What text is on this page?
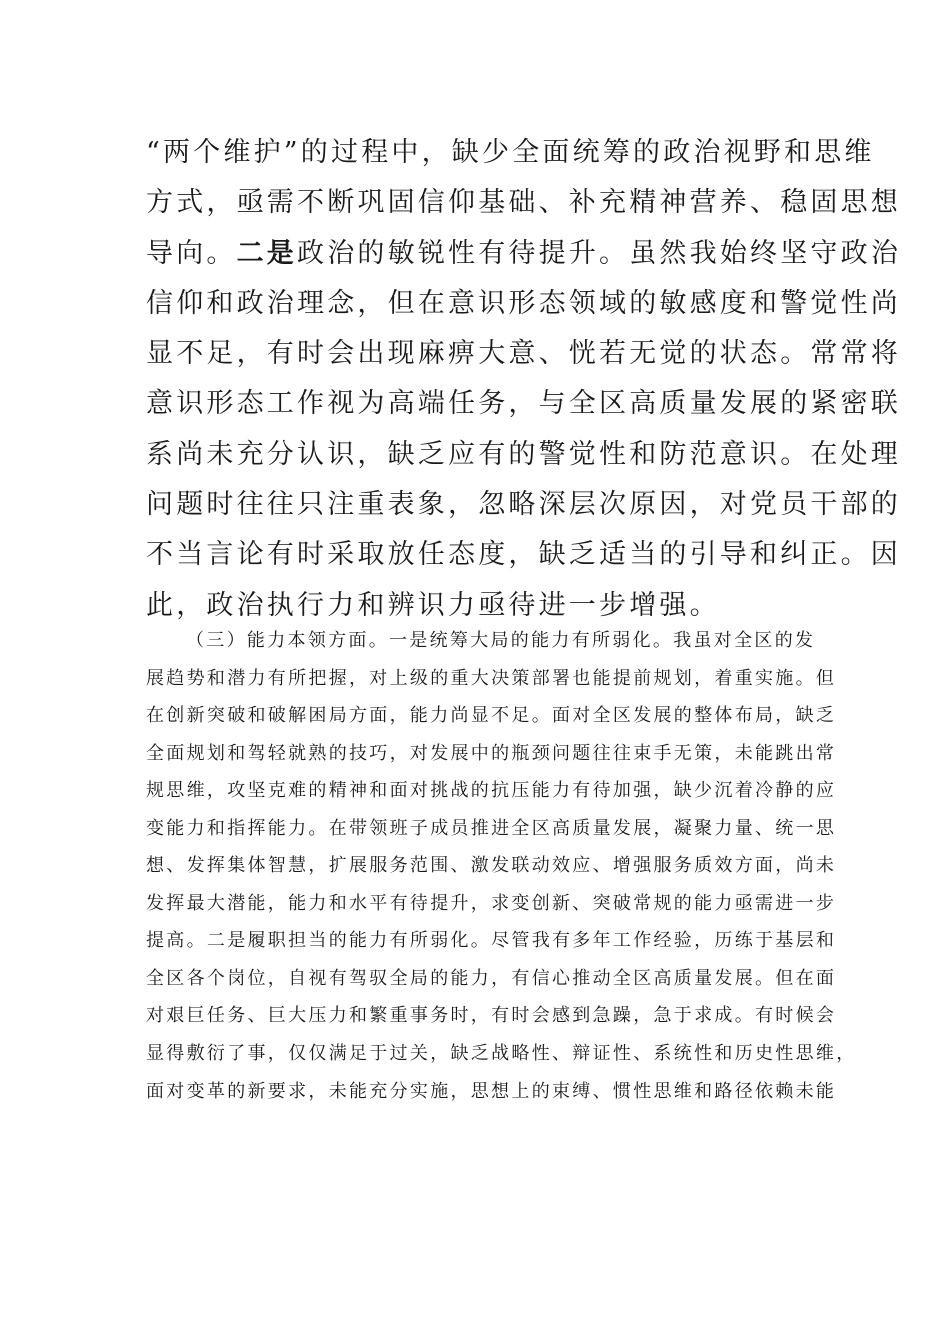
“两个维护”的过程中，缺少全面统筹的政治视野和思维
方式，亟需不断巩固信仰基础、补充精神营养、稳固思想
导向。二是政治的敏锐性有待提升。虽然我始终坚守政治
信仰和政治理念，但在意识形态领域的敏感度和警觉性尚
显不足，有时会出现麻痹大意、恍若无觉的状态。常常将
意识形态工作视为高端任务，与全区高质量发展的紧密联
系尚未充分认识，缺乏应有的警觉性和防范意识。在处理
问题时往往只注重表象，忽略深层次原因，对党员干部的
不当言论有时采取放任态度，缺乏适当的引导和纠正。因
此，政治执行力和辨识力亟待进一步增强。
（三）能力本领方面。一是统筹大局的能力有所弱化。我虽对全区的发
展趋势和潜力有所把握，对上级的重大决策部署也能提前规划，着重实施。但
在创新突破和破解困局方面，能力尚显不足。面对全区发展的整体布局，缺乏
全面规划和驾轻就熟的技巧，对发展中的瓶颈问题往往束手无策，未能跳出常
规思维，攻坚克难的精神和面对挑战的抗压能力有待加强，缺少沉着冷静的应
变能力和指挥能力。在带领班子成员推进全区高质量发展，凝聚力量、统一思
想、发挥集体智慧，扩展服务范围、激发联动效应、增强服务质效方面，尚未
发挥最大潜能，能力和水平有待提升，求变创新、突破常规的能力亟需进一步
提高。二是履职担当的能力有所弱化。尽管我有多年工作经验，历练于基层和
全区各个岗位，自视有驾驭全局的能力，有信心推动全区高质量发展。但在面
对艰巨任务、巨大压力和繁重事务时，有时会感到急躁，急于求成。有时候会
显得敷衍了事，仅仅满足于过关，缺乏战略性、辩证性、系统性和历史性思维，
面对变革的新要求，未能充分实施，思想上的束缚、惯性思维和路径依赖未能
